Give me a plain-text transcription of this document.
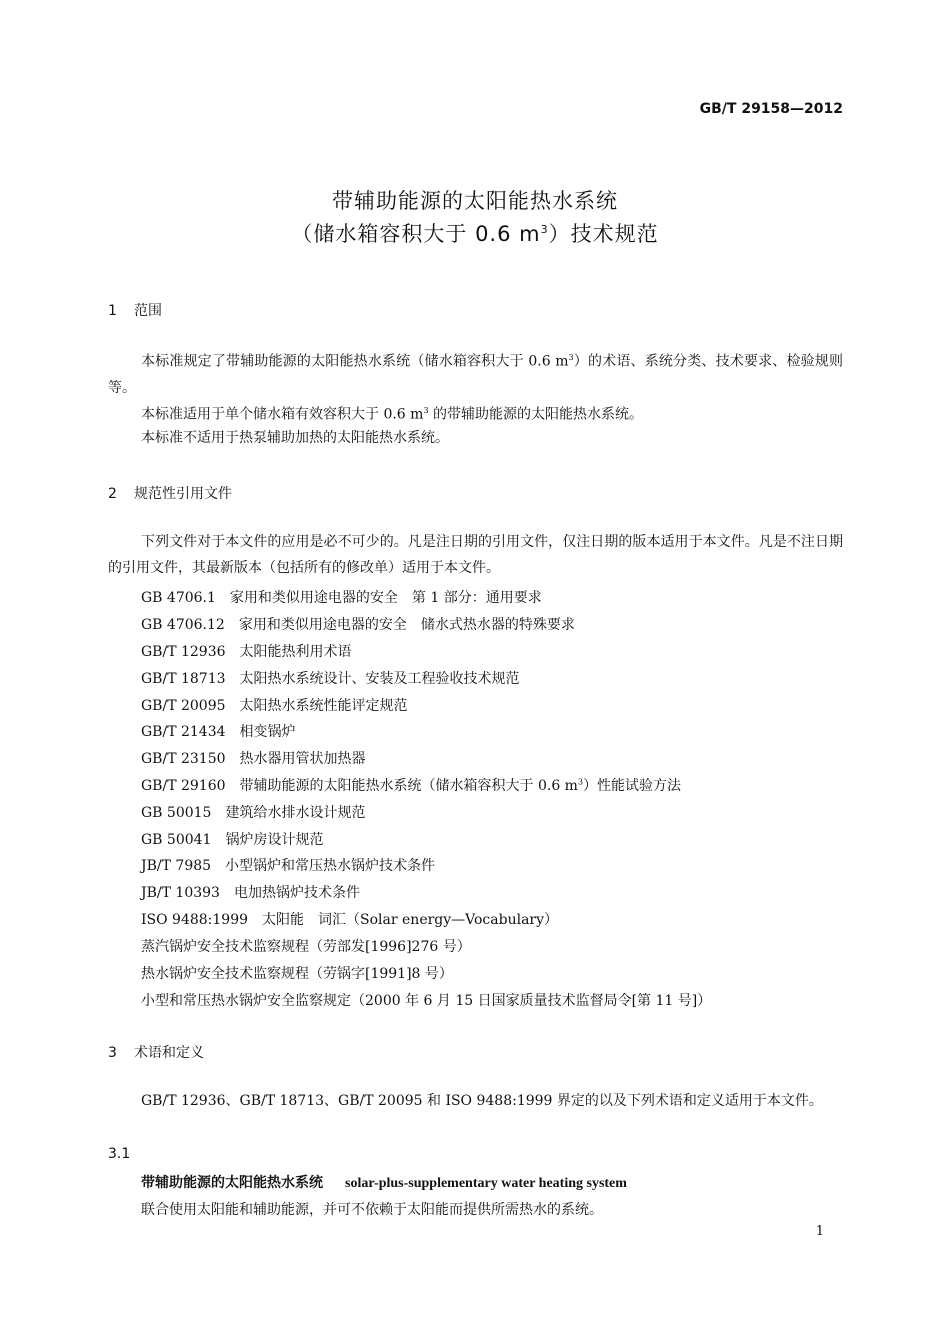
GB/T 29158—2012
带辅助能源的太阳能热水系统
（储水箱容积大于 0.6 $m^3$）技术规范
1 范围
本标准规定了带辅助能源的太阳能热水系统（储水箱容积大于 0.6 $m^3$）的术语、系统分类、技术要求、检验规则等。
本标准适用于单个储水箱有效容积大于 0.6 $m^3$ 的带辅助能源的太阳能热水系统。
本标准不适用于热泵辅助加热的太阳能热水系统。
2 规范性引用文件
下列文件对于本文件的应用是必不可少的。凡是注日期的引用文件，仅注日期的版本适用于本文件。凡是不注日期的引用文件，其最新版本（包括所有的修改单）适用于本文件。
GB 4706.1 家用和类似用途电器的安全　第 1 部分：通用要求
GB 4706.12 家用和类似用途电器的安全　储水式热水器的特殊要求
GB/T 12936 太阳能热利用术语
GB/T 18713 太阳热水系统设计、安装及工程验收技术规范
GB/T 20095 太阳热水系统性能评定规范
GB/T 21434 相变锅炉
GB/T 23150 热水器用管状加热器
GB/T 29160 带辅助能源的太阳能热水系统（储水箱容积大于 0.6 $m^3$）性能试验方法
GB 50015 建筑给水排水设计规范
GB 50041 锅炉房设计规范
JB/T 7985 小型锅炉和常压热水锅炉技术条件
JB/T 10393 电加热锅炉技术条件
ISO 9488:1999 太阳能　词汇（Solar energy—Vocabulary）
蒸汽锅炉安全技术监察规程（劳部发[1996]276 号）
热水锅炉安全技术监察规程（劳锅字[1991]8 号）
小型和常压热水锅炉安全监察规定（2000 年 6 月 15 日国家质量技术监督局令[第 11 号]）
3 术语和定义
GB/T 12936、GB/T 18713、GB/T 20095 和 ISO 9488:1999 界定的以及下列术语和定义适用于本文件。
3.1
带辅助能源的太阳能热水系统 solar-plus-supplementary water heating system
联合使用太阳能和辅助能源，并可不依赖于太阳能而提供所需热水的系统。
1
